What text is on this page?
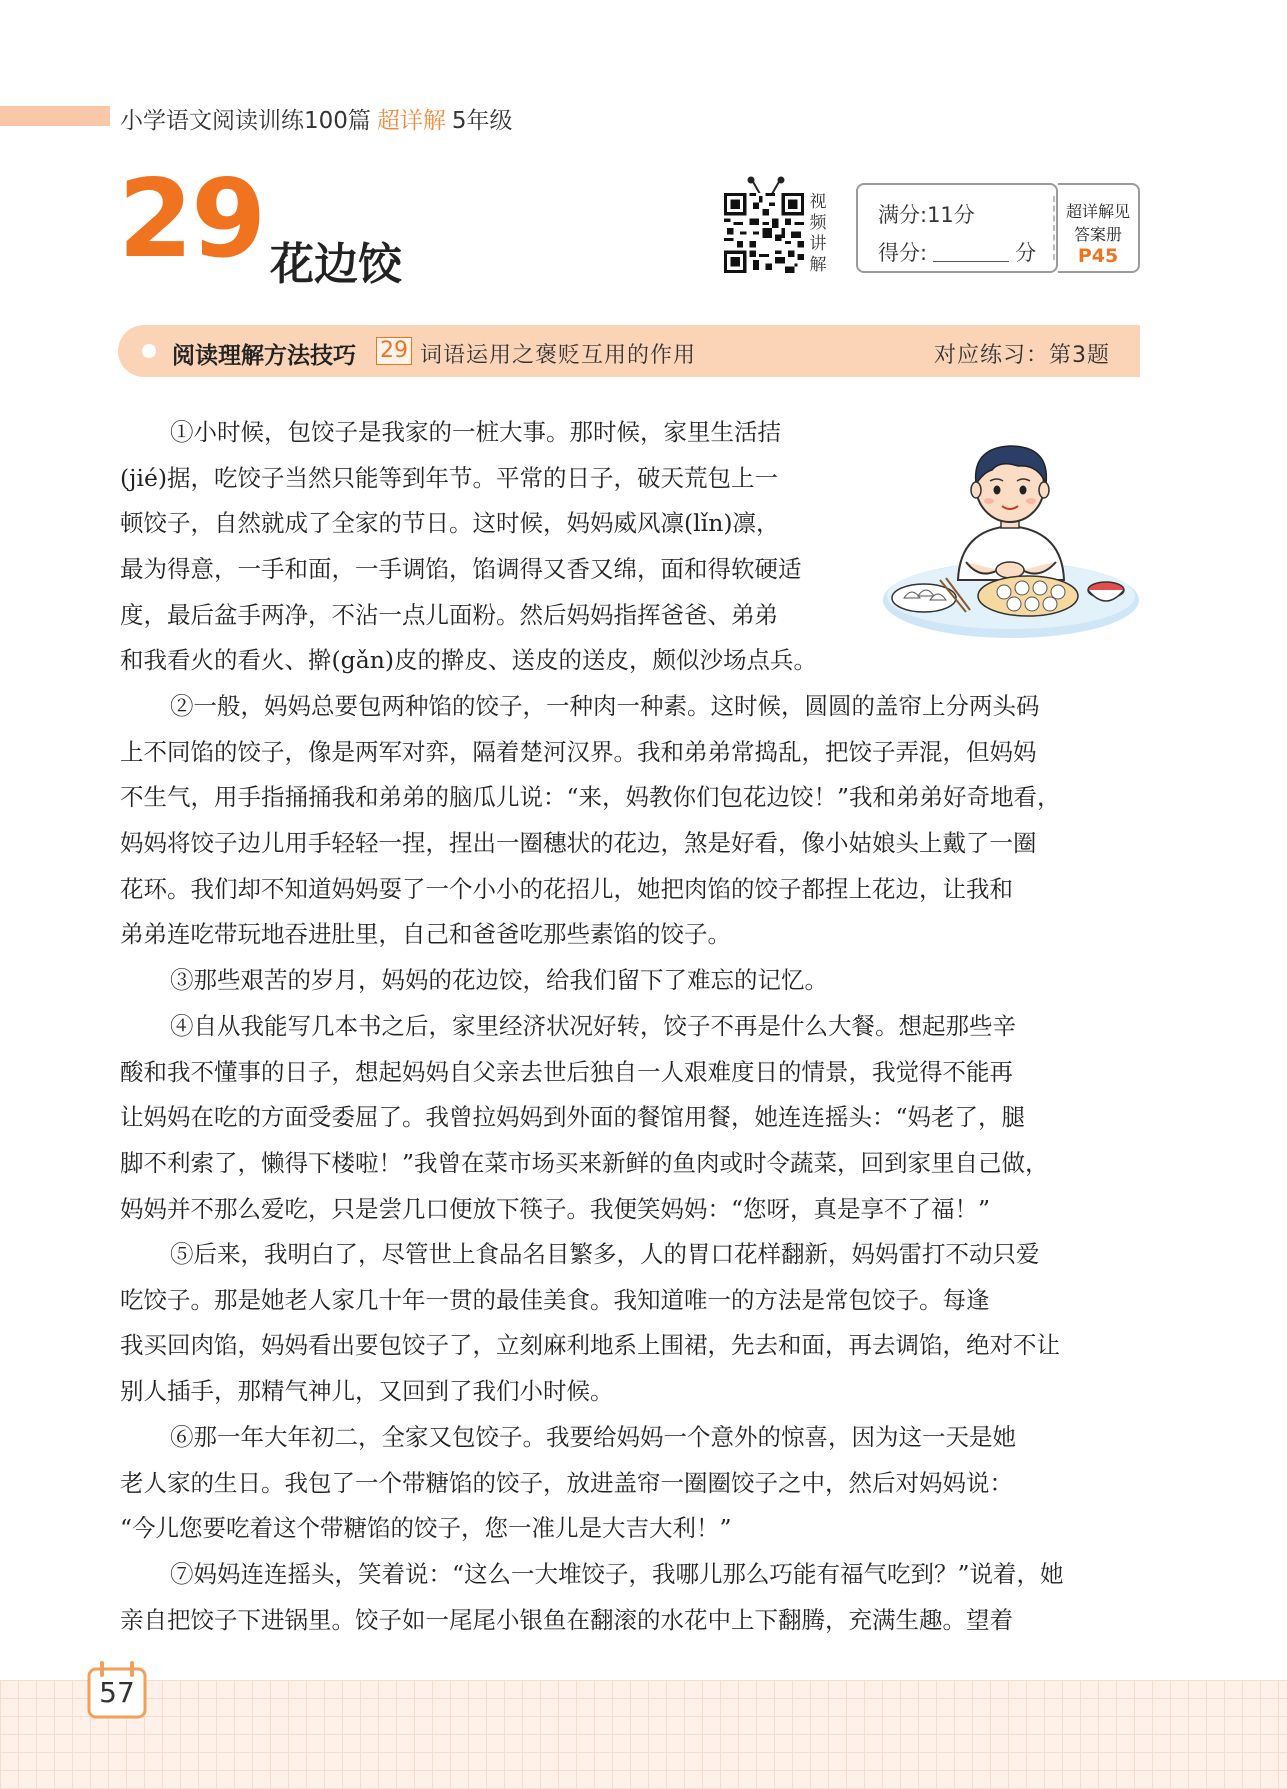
小学语文阅读训练100篇 超详解 5年级
29 花边饺
视
频
讲
解
满分:11分
得分:	分
超详解见
答案册
P45
阅读理解方法技巧 29 词语运用之褒贬互用的作用	对应练习：第3题
①小时候，包饺子是我家的一桩大事。那时候，家里生活拮
(jié)据，吃饺子当然只能等到年节。平常的日子，破天荒包上一
顿饺子，自然就成了全家的节日。这时候，妈妈威风凛(lǐn)凛，
最为得意，一手和面，一手调馅，馅调得又香又绵，面和得软硬适
度，最后盆手两净，不沾一点儿面粉。然后妈妈指挥爸爸、弟弟
和我看火的看火、擀(gǎn)皮的擀皮、送皮的送皮，颇似沙场点兵。
②一般，妈妈总要包两种馅的饺子，一种肉一种素。这时候，圆圆的盖帘上分两头码
上不同馅的饺子，像是两军对弈，隔着楚河汉界。我和弟弟常捣乱，把饺子弄混，但妈妈
不生气，用手指捅捅我和弟弟的脑瓜儿说：“来，妈教你们包花边饺！”我和弟弟好奇地看，
妈妈将饺子边儿用手轻轻一捏，捏出一圈穗状的花边，煞是好看，像小姑娘头上戴了一圈
花环。我们却不知道妈妈耍了一个小小的花招儿，她把肉馅的饺子都捏上花边，让我和
弟弟连吃带玩地吞进肚里，自己和爸爸吃那些素馅的饺子。
③那些艰苦的岁月，妈妈的花边饺，给我们留下了难忘的记忆。
④自从我能写几本书之后，家里经济状况好转，饺子不再是什么大餐。想起那些辛
酸和我不懂事的日子，想起妈妈自父亲去世后独自一人艰难度日的情景，我觉得不能再
让妈妈在吃的方面受委屈了。我曾拉妈妈到外面的餐馆用餐，她连连摇头：“妈老了，腿
脚不利索了，懒得下楼啦！”我曾在菜市场买来新鲜的鱼肉或时令蔬菜，回到家里自己做，
妈妈并不那么爱吃，只是尝几口便放下筷子。我便笑妈妈：“您呀，真是享不了福！”
⑤后来，我明白了，尽管世上食品名目繁多，人的胃口花样翻新，妈妈雷打不动只爱
吃饺子。那是她老人家几十年一贯的最佳美食。我知道唯一的方法是常包饺子。每逢
我买回肉馅，妈妈看出要包饺子了，立刻麻利地系上围裙，先去和面，再去调馅，绝对不让
别人插手，那精气神儿，又回到了我们小时候。
⑥那一年大年初二，全家又包饺子。我要给妈妈一个意外的惊喜，因为这一天是她
老人家的生日。我包了一个带糖馅的饺子，放进盖帘一圈圈饺子之中，然后对妈妈说：
“今儿您要吃着这个带糖馅的饺子，您一准儿是大吉大利！”
⑦妈妈连连摇头，笑着说：“这么一大堆饺子，我哪儿那么巧能有福气吃到？”说着，她
亲自把饺子下进锅里。饺子如一尾尾小银鱼在翻滚的水花中上下翻腾，充满生趣。望着
57
